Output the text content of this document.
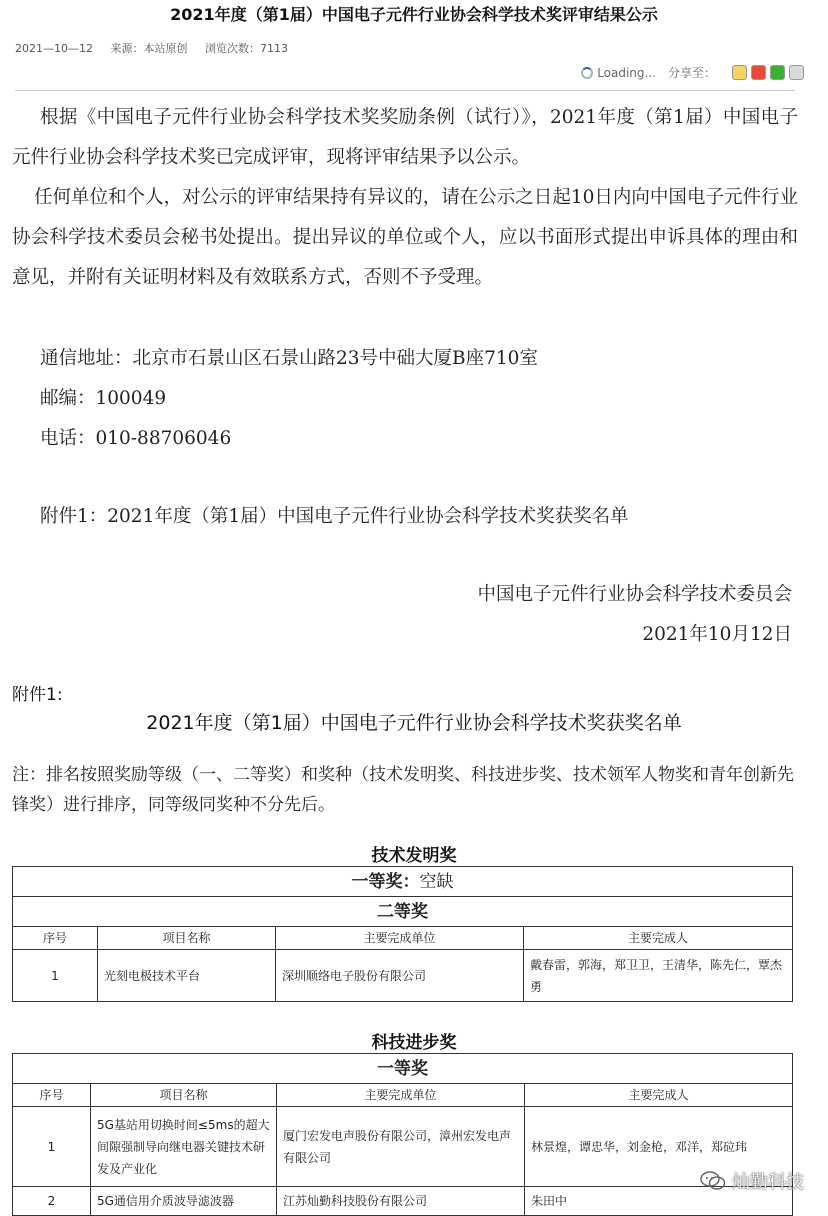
2021年度（第1届）中国电子元件行业协会科学技术奖评审结果公示
2021—10—12 来源：本站原创 浏览次数：7113
Loading... 分享至：
根据《中国电子元件行业协会科学技术奖奖励条例（试行）》，2021年度（第1届）中国电子元件行业协会科学技术奖已完成评审，现将评审结果予以公示。
任何单位和个人，对公示的评审结果持有异议的，请在公示之日起10日内向中国电子元件行业协会科学技术委员会秘书处提出。提出异议的单位或个人，应以书面形式提出申诉具体的理由和意见，并附有关证明材料及有效联系方式，否则不予受理。
通信地址：北京市石景山区石景山路23号中础大厦B座710室
邮编：100049
电话：010-88706046
附件1：2021年度（第1届）中国电子元件行业协会科学技术奖获奖名单
中国电子元件行业协会科学技术委员会
2021年10月12日
附件1:
2021年度（第1届）中国电子元件行业协会科学技术奖获奖名单
注：排名按照奖励等级（一、二等奖）和奖种（技术发明奖、科技进步奖、技术领军人物奖和青年创新先锋奖）进行排序，同等级同奖种不分先后。
技术发明奖
一等奖：空缺			
二等奖			
序号	项目名称	主要完成单位	主要完成人
1	光刻电极技术平台	深圳顺络电子股份有限公司	戴春雷，郭海，郑卫卫，王清华，陈先仁，覃杰勇
科技进步奖
一等奖			
序号	项目名称	主要完成单位	主要完成人
1	5G基站用切换时间≤5ms的超大间隙强制导向继电器关键技术研发及产业化	厦门宏发电声股份有限公司，漳州宏发电声有限公司	林景煌，谭忠华，刘金枪，邓洋，郑砬玮
2	5G通信用介质波导滤波器	江苏灿勤科技股份有限公司	朱田中
灿勤科技
